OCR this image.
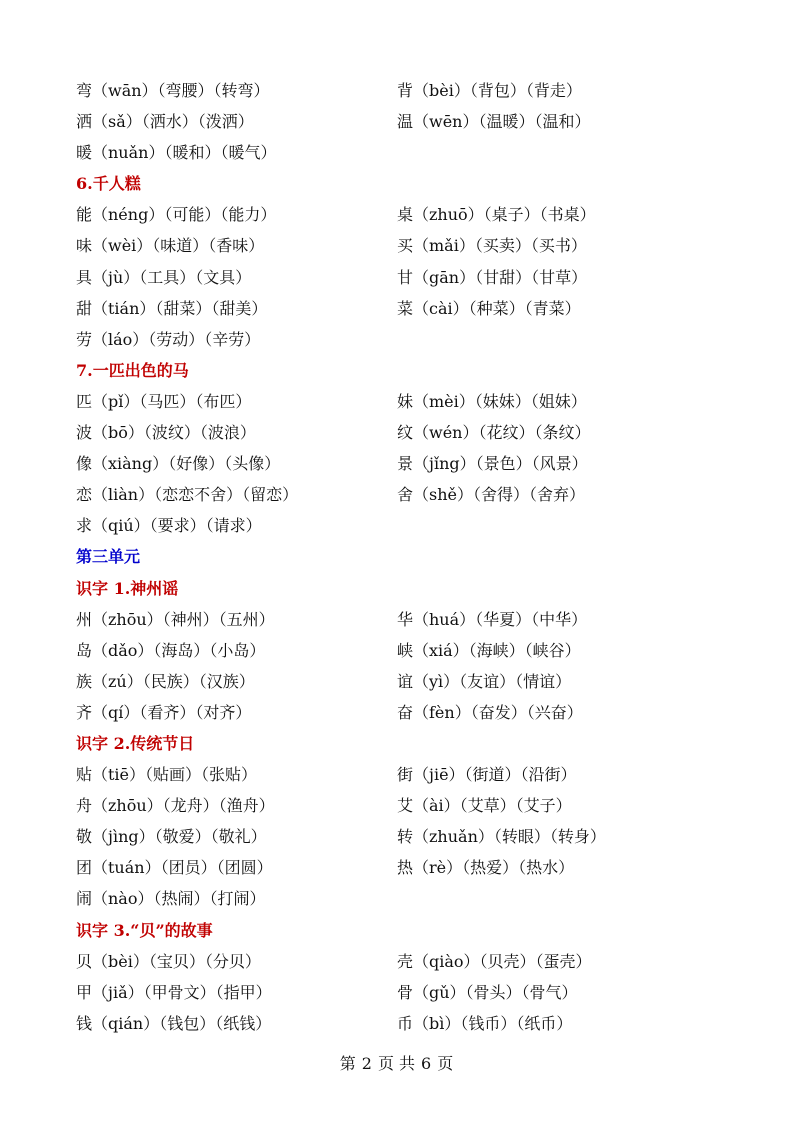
弯（wān）（弯腰）（转弯）	背（bèi）（背包）（背走）
洒（sǎ）（洒水）（泼洒）	温（wēn）（温暖）（温和）
暖（nuǎn）（暖和）（暖气）
6.千人糕
能（néng）（可能）（能力）	桌（zhuō）（桌子）（书桌）
味（wèi）（味道）（香味）	买（mǎi）（买卖）（买书）
具（jù）（工具）（文具）	甘（gān）（甘甜）（甘草）
甜（tián）（甜菜）（甜美）	菜（cài）（种菜）（青菜）
劳（láo）（劳动）（辛劳）
7.一匹出色的马
匹（pǐ）（马匹）（布匹）	妹（mèi）（妹妹）（姐妹）
波（bō）（波纹）（波浪）	纹（wén）（花纹）（条纹）
像（xiàng）（好像）（头像）	景（jǐng）（景色）（风景）
恋（liàn）（恋恋不舍）（留恋）	舍（shě）（舍得）（舍弃）
求（qiú）（要求）（请求）
第三单元
识字 1.神州谣
州（zhōu）（神州）（五州）	华（huá）（华夏）（中华）
岛（dǎo）（海岛）（小岛）	峡（xiá）（海峡）（峡谷）
族（zú）（民族）（汉族）	谊（yì）（友谊）（情谊）
齐（qí）（看齐）（对齐）	奋（fèn）（奋发）（兴奋）
识字 2.传统节日
贴（tiē）（贴画）（张贴）	街（jiē）（街道）（沿街）
舟（zhōu）（龙舟）（渔舟）	艾（ài）（艾草）（艾子）
敬（jìng）（敬爱）（敬礼）	转（zhuǎn）（转眼）（转身）
团（tuán）（团员）（团圆）	热（rè）（热爱）（热水）
闹（nào）（热闹）（打闹）
识字 3.“贝”的故事
贝（bèi）（宝贝）（分贝）	壳（qiào）（贝壳）（蛋壳）
甲（jiǎ）（甲骨文）（指甲）	骨（gǔ）（骨头）（骨气）
钱（qián）（钱包）（纸钱）	币（bì）（钱币）（纸币）
第 2 页 共 6 页
